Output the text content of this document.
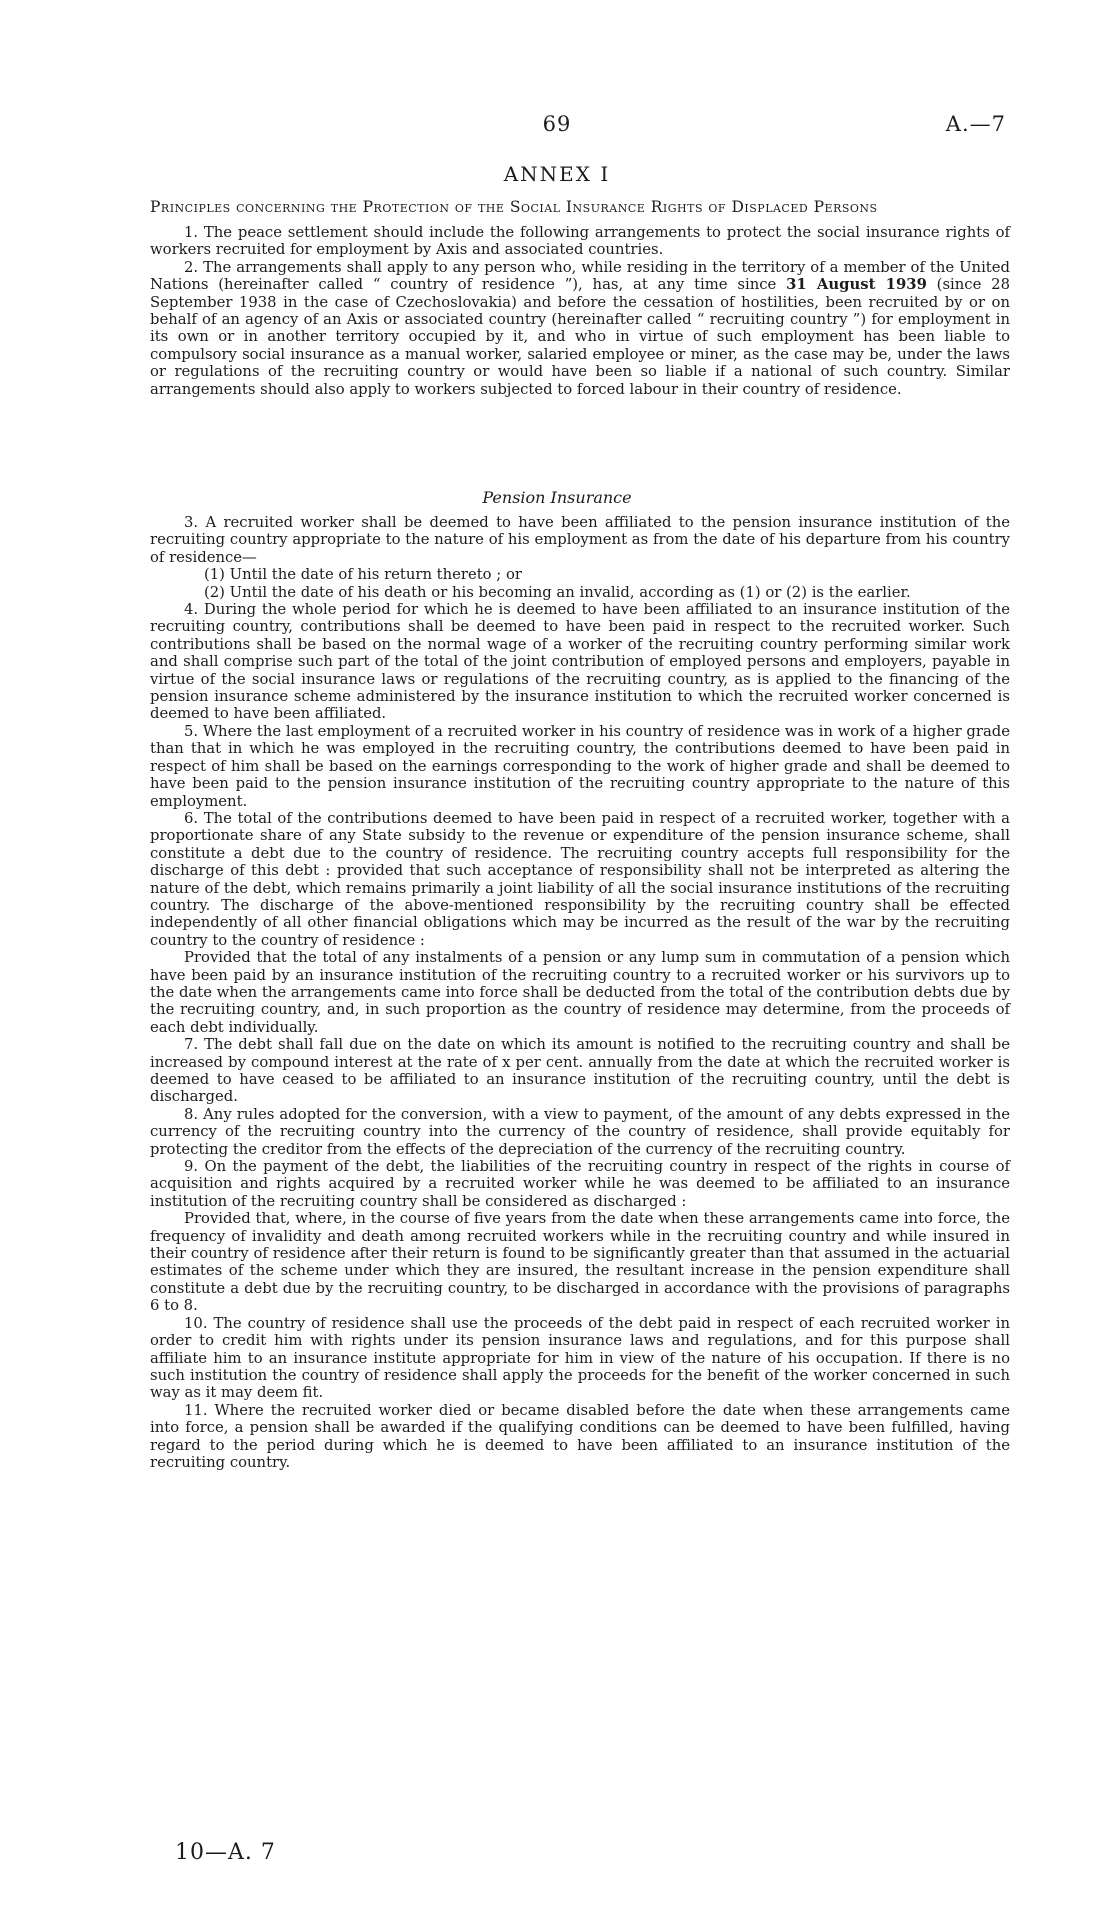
69	A.—7
ANNEX I
Principles concerning the Protection of the Social Insurance Rights of Displaced Persons

1. The peace settlement should include the following arrangements to protect the social insurance rights of workers recruited for employment by Axis and associated countries.

2. The arrangements shall apply to any person who, while residing in the territory of a member of the United Nations (hereinafter called “ country of residence ”), has, at any time since 31 August 1939 (since 28 September 1938 in the case of Czechoslovakia) and before the cessation of hostilities, been recruited by or on behalf of an agency of an Axis or associated country (hereinafter called “ recruiting country ”) for employment in its own or in another territory occupied by it, and who in virtue of such employment has been liable to compulsory social insurance as a manual worker, salaried employee or miner, as the case may be, under the laws or regulations of the recruiting country or would have been so liable if a national of such country. Similar arrangements should also apply to workers subjected to forced labour in their country of residence.

Pension Insurance

3. A recruited worker shall be deemed to have been affiliated to the pension insurance institution of the recruiting country appropriate to the nature of his employment as from the date of his departure from his country of residence—

(1) Until the date of his return thereto ; or

(2) Until the date of his death or his becoming an invalid, according as (1) or (2) is the earlier.

4. During the whole period for which he is deemed to have been affiliated to an insurance institution of the recruiting country, contributions shall be deemed to have been paid in respect to the recruited worker. Such contributions shall be based on the normal wage of a worker of the recruiting country performing similar work and shall comprise such part of the total of the joint contribution of employed persons and employers, payable in virtue of the social insurance laws or regulations of the recruiting country, as is applied to the financing of the pension insurance scheme administered by the insurance institution to which the recruited worker concerned is deemed to have been affiliated.

5. Where the last employment of a recruited worker in his country of residence was in work of a higher grade than that in which he was employed in the recruiting country, the contributions deemed to have been paid in respect of him shall be based on the earnings corresponding to the work of higher grade and shall be deemed to have been paid to the pension insurance institution of the recruiting country appropriate to the nature of this employment.

6. The total of the contributions deemed to have been paid in respect of a recruited worker, together with a proportionate share of any State subsidy to the revenue or expenditure of the pension insurance scheme, shall constitute a debt due to the country of residence. The recruiting country accepts full responsibility for the discharge of this debt : provided that such acceptance of responsibility shall not be interpreted as altering the nature of the debt, which remains primarily a joint liability of all the social insurance institutions of the recruiting country. The discharge of the above-mentioned responsibility by the recruiting country shall be effected independently of all other financial obligations which may be incurred as the result of the war by the recruiting country to the country of residence :

Provided that the total of any instalments of a pension or any lump sum in commutation of a pension which have been paid by an insurance institution of the recruiting country to a recruited worker or his survivors up to the date when the arrangements came into force shall be deducted from the total of the contribution debts due by the recruiting country, and, in such proportion as the country of residence may determine, from the proceeds of each debt individually.

7. The debt shall fall due on the date on which its amount is notified to the recruiting country and shall be increased by compound interest at the rate of x per cent. annually from the date at which the recruited worker is deemed to have ceased to be affiliated to an insurance institution of the recruiting country, until the debt is discharged.

8. Any rules adopted for the conversion, with a view to payment, of the amount of any debts expressed in the currency of the recruiting country into the currency of the country of residence, shall provide equitably for protecting the creditor from the effects of the depreciation of the currency of the recruiting country.

9. On the payment of the debt, the liabilities of the recruiting country in respect of the rights in course of acquisition and rights acquired by a recruited worker while he was deemed to be affiliated to an insurance institution of the recruiting country shall be considered as discharged :

Provided that, where, in the course of five years from the date when these arrangements came into force, the frequency of invalidity and death among recruited workers while in the recruiting country and while insured in their country of residence after their return is found to be significantly greater than that assumed in the actuarial estimates of the scheme under which they are insured, the resultant increase in the pension expenditure shall constitute a debt due by the recruiting country, to be discharged in accordance with the provisions of paragraphs 6 to 8.

10. The country of residence shall use the proceeds of the debt paid in respect of each recruited worker in order to credit him with rights under its pension insurance laws and regulations, and for this purpose shall affiliate him to an insurance institute appropriate for him in view of the nature of his occupation. If there is no such institution the country of residence shall apply the proceeds for the benefit of the worker concerned in such way as it may deem fit.

11. Where the recruited worker died or became disabled before the date when these arrangements came into force, a pension shall be awarded if the qualifying conditions can be deemed to have been fulfilled, having regard to the period during which he is deemed to have been affiliated to an insurance institution of the recruiting country.

10—A. 7
